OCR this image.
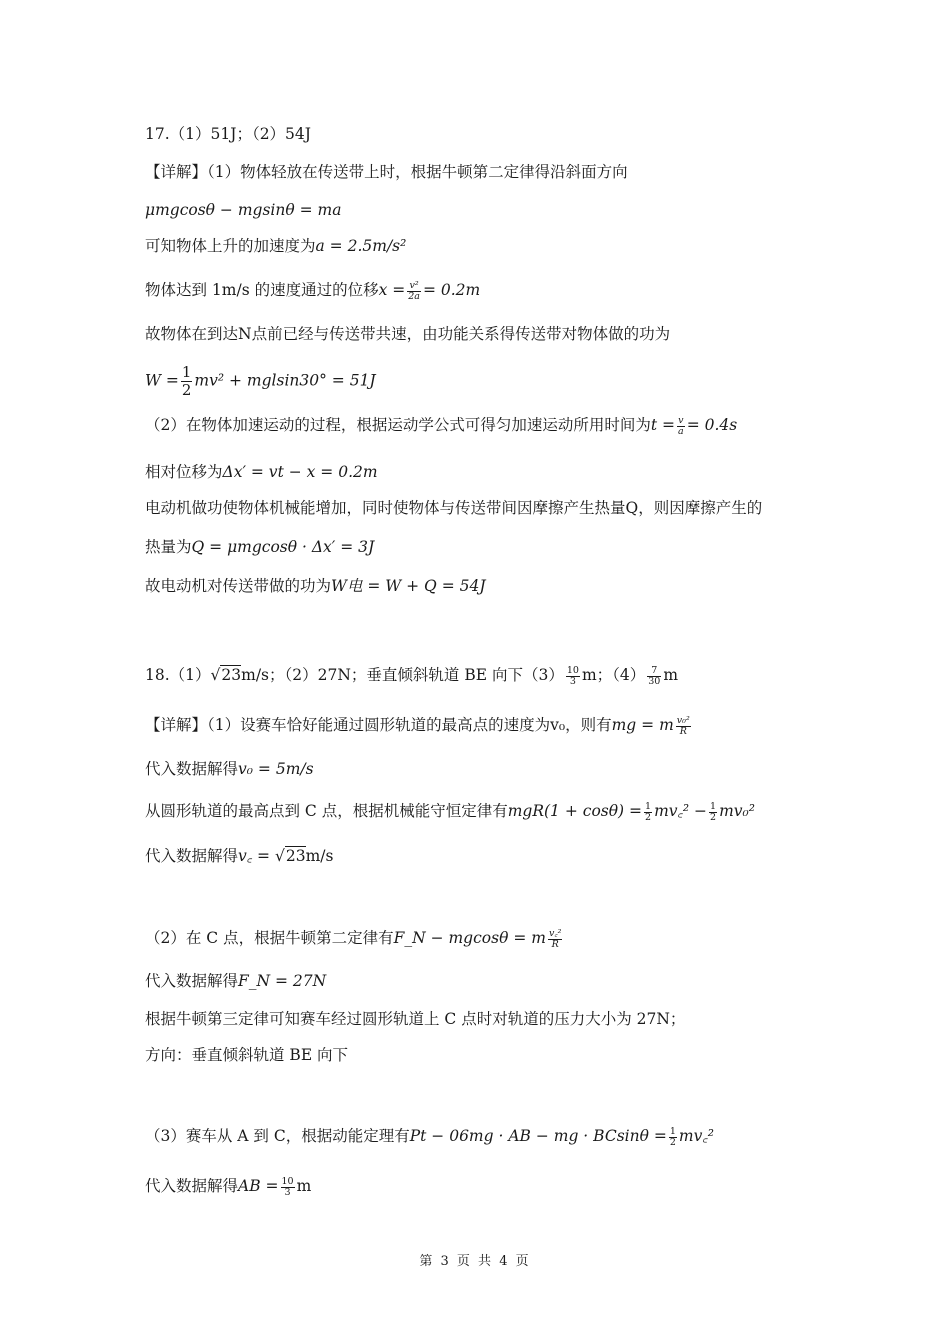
17.（1）51J；（2）54J
【详解】（1）物体轻放在传送带上时，根据牛顿第二定律得沿斜面方向
μmgcosθ − mgsinθ = ma
可知物体上升的加速度为a = 2.5m/s²
物体达到 1m/s 的速度通过的位移$x = \frac{\text{v²}}{2a} = 0.2m$
故物体在到达N点前已经与传送带共速，由功能关系得传送带对物体做的功为
$W = \frac{1}{2} mv^2 + mglsin30^\circ = 51J$
（2）在物体加速运动的过程，根据运动学公式可得匀加速运动所用时间为$t = \frac{v}{a} = 0.4s$
相对位移为Δx′ = vt − x = 0.2m
电动机做功使物体机械能增加，同时使物体与传送带间因摩擦产生热量Q，则因摩擦产生的
热量为Q = μmgcosθ · Δx′ = 3J
故电动机对传送带做的功为W电 = W + Q = 54J
18.（1）√23m/s；（2）27N；垂直倾斜轨道 BE 向下$(3) \frac{10}{3}$ m；$(4) \frac{7}{30}$ m
【详解】（1）设赛车恰好能通过圆形轨道的最高点的速度为v₀，则有mg = m $\frac{\text{v₀²}}{R}$
代入数据解得v₀ = 5m/s
从圆形轨道的最高点到 C 点，根据机械能守恒定律有$mgR(1 + \cos\theta) = \frac{1}{2}$ mv꜀² − $\frac{1}{2} mv_0^2$
代入数据解得v꜀ = √23m/s
（2）在 C 点，根据牛顿第二定律有F_N − mgcosθ = m $\frac{\text{v꜀²}}{R}$
代入数据解得F_N = 27N
根据牛顿第三定律可知赛车经过圆形轨道上 C 点时对轨道的压力大小为 27N；
方向：垂直倾斜轨道 BE 向下
（3）赛车从 A 到 C，根据动能定理有Pt − 06mg · AB − mg · $BCsin\theta = \frac{1}{2}$ mv꜀²
代入数据解得AB = $\frac{10}{3}$ m
第 3 页 共 4 页
